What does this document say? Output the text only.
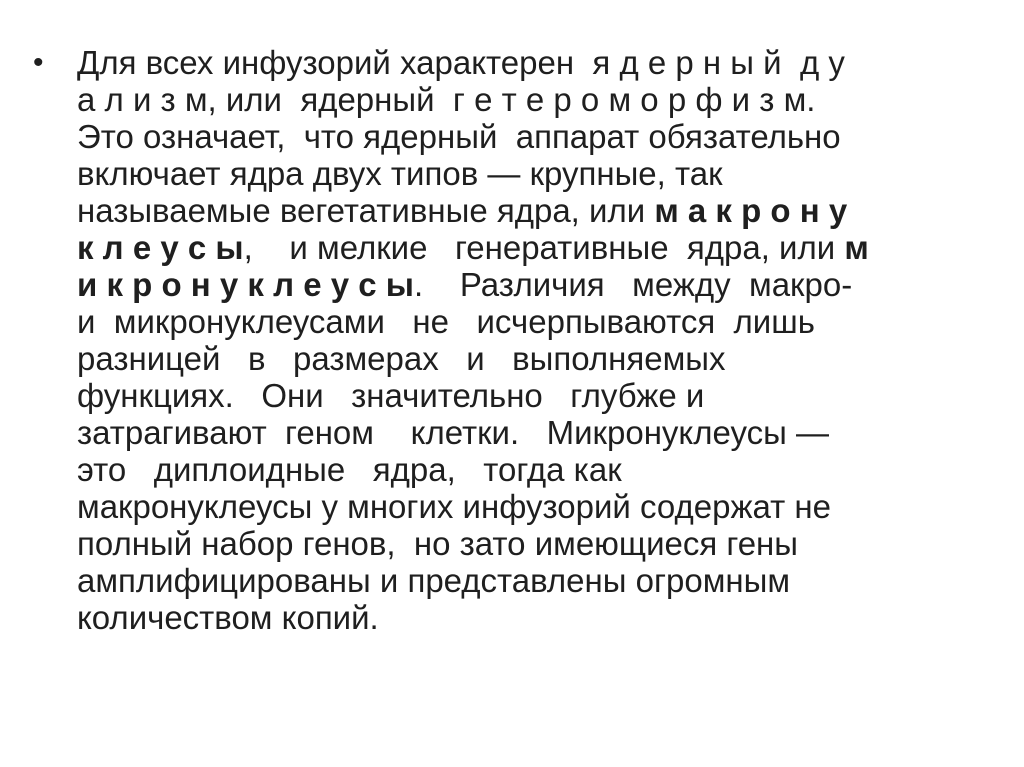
• Для всех инфузорий характерен  я д е р н ы й  д у
а л и з м, или  ядерный  г е т е р о м о р ф и з м.
Это означает,  что ядерный  аппарат обязательно
включает ядра двух типов — крупные, так
называемые вегетативные ядра, или м а к р о н у
к л е у с ы,    и мелкие   генеративные  ядра, или м
и к р о н у к л е у с ы.    Различия   между  макро-
и  микронуклеусами   не   исчерпываются  лишь
разницей   в   размерах   и   выполняемых
функциях.   Они   значительно   глубже и
затрагивают  геном    клетки.   Микронуклеусы —
это   диплоидные   ядра,   тогда как
макронуклеусы у многих инфузорий содержат не
полный набор генов,  но зато имеющиеся гены
амплифицированы и представлены огромным
количеством копий.
